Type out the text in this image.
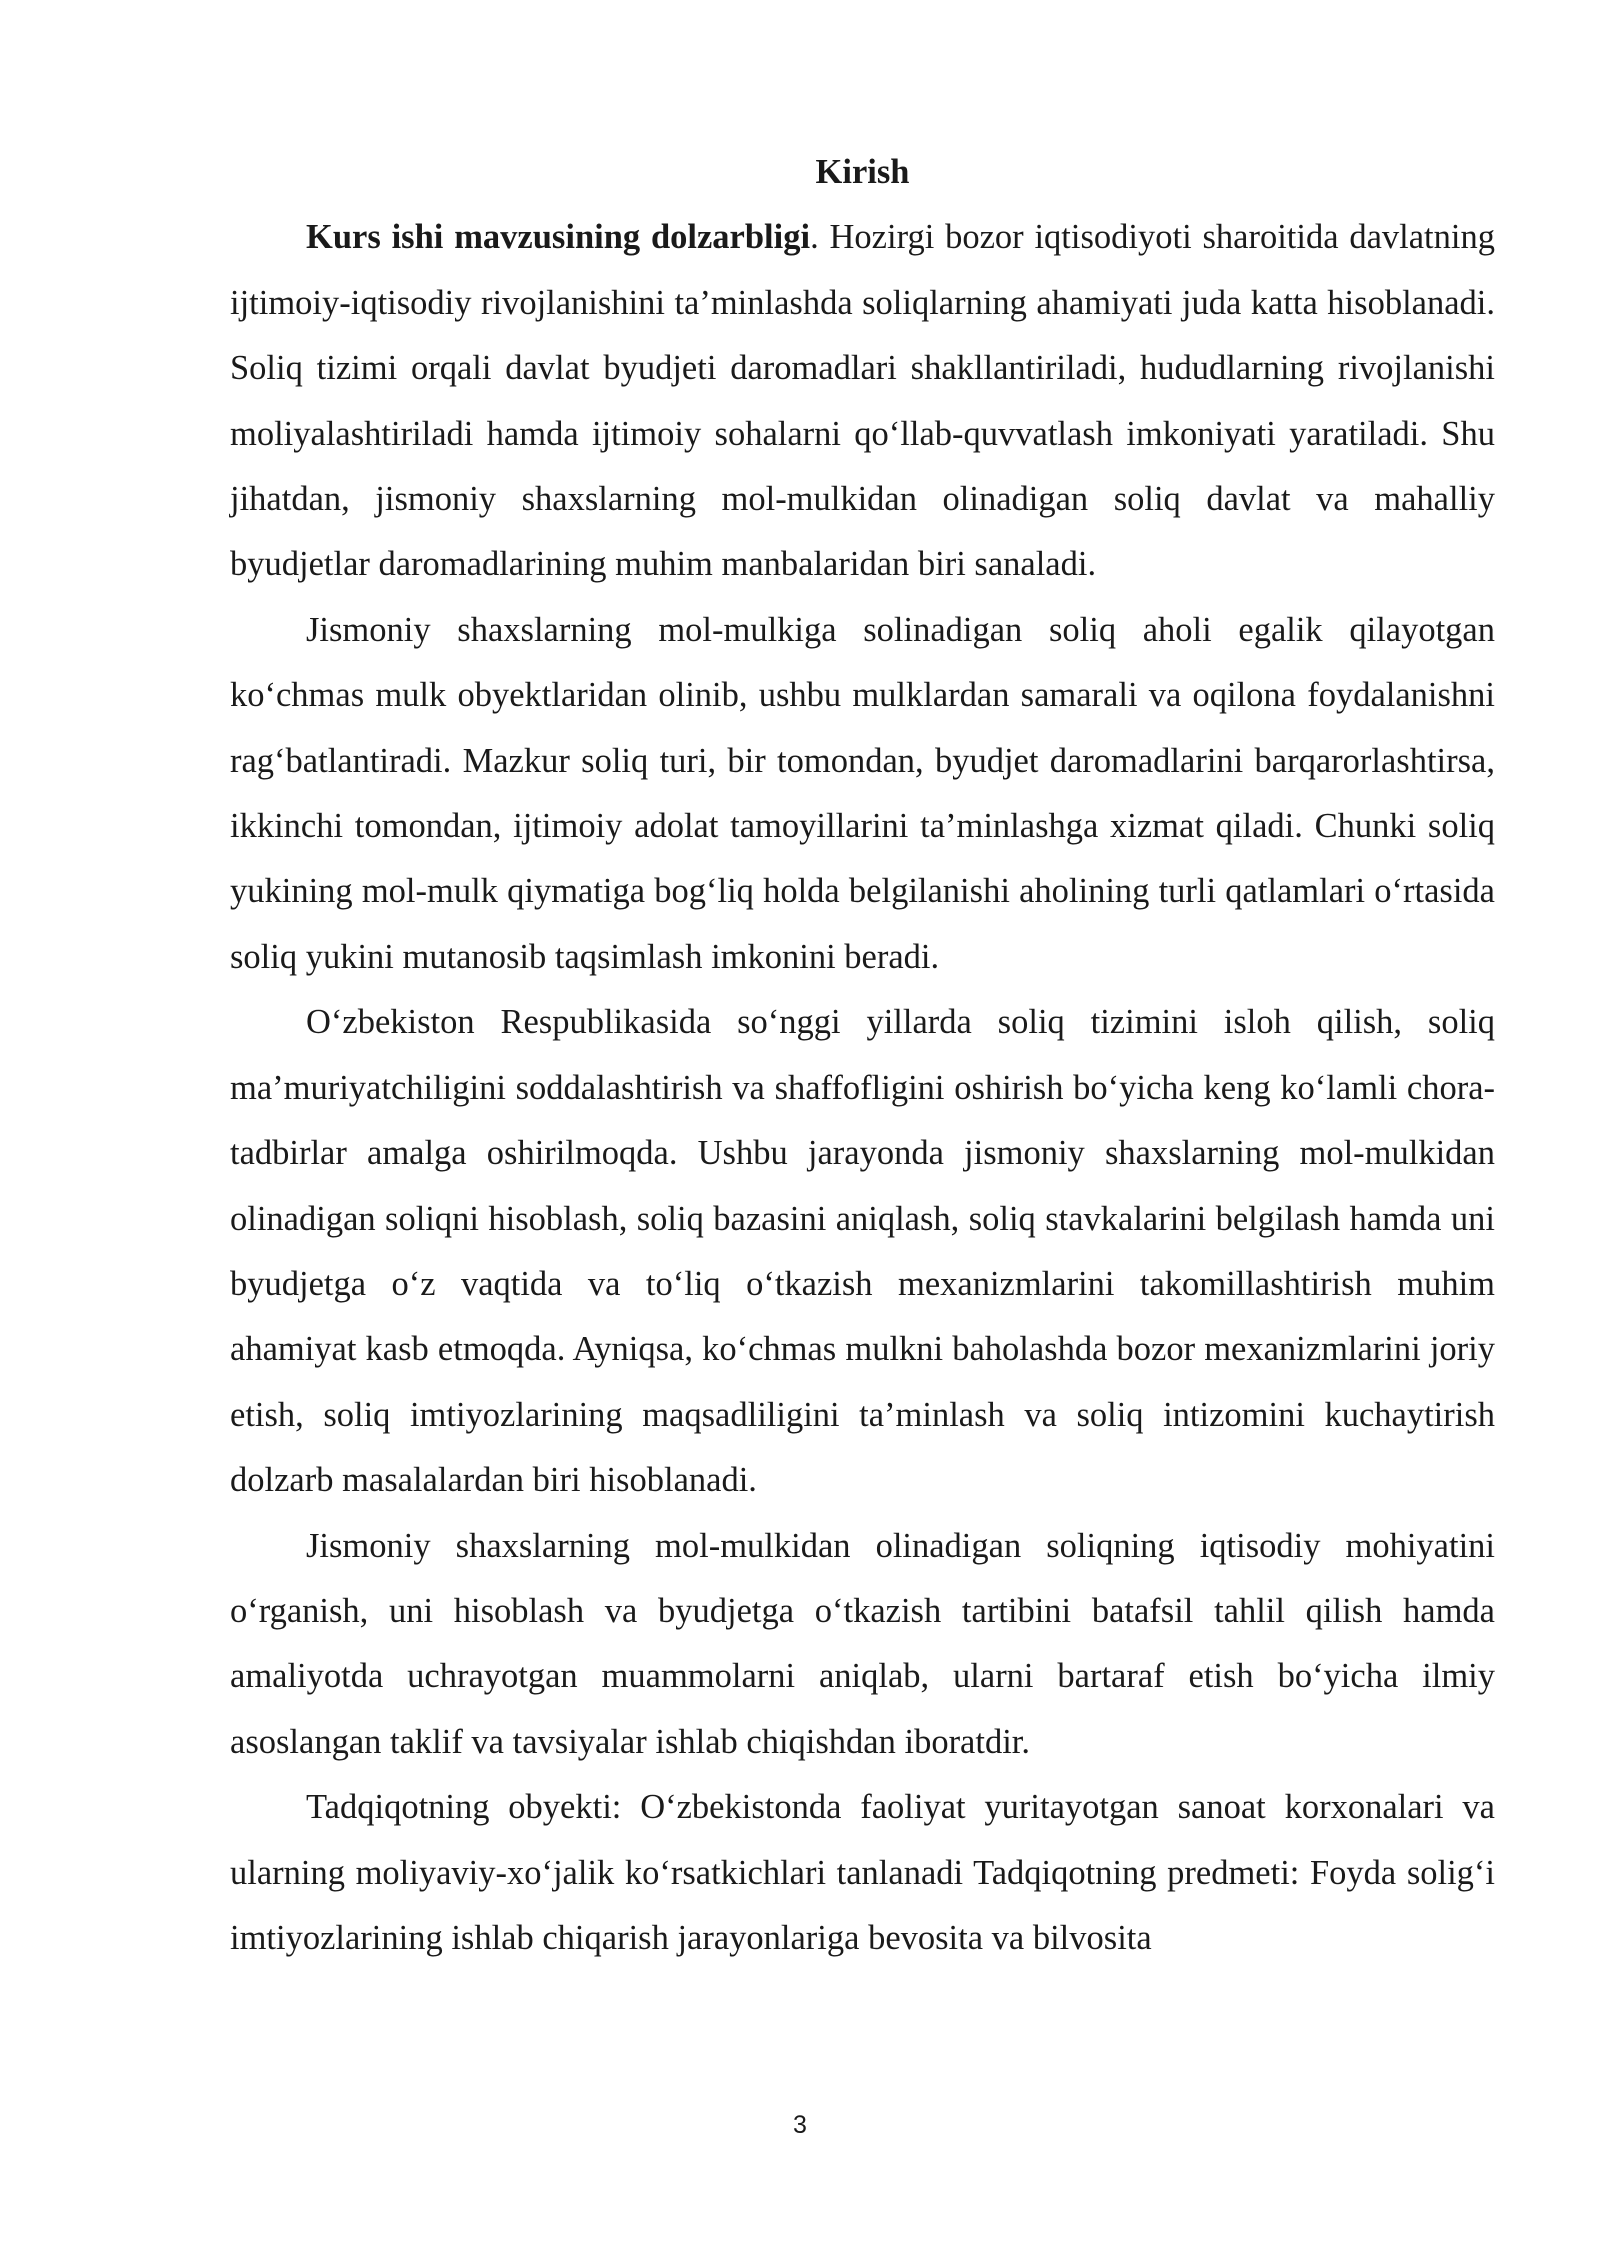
Kirish

Kurs ishi mavzusining dolzarbligi. Hozirgi bozor iqtisodiyoti sharoitida davlatning ijtimoiy-iqtisodiy rivojlanishini ta’minlashda soliqlarning ahamiyati juda katta hisoblanadi. Soliq tizimi orqali davlat byudjeti daromadlari shakllantiriladi, hududlarning rivojlanishi moliyalashtiriladi hamda ijtimoiy sohalarni qo‘llab-quvvatlash imkoniyati yaratiladi. Shu jihatdan, jismoniy shaxslarning mol-mulkidan olinadigan soliq davlat va mahalliy byudjetlar daromadlarining muhim manbalaridan biri sanaladi.

Jismoniy shaxslarning mol-mulkiga solinadigan soliq aholi egalik qilayotgan ko‘chmas mulk obyektlaridan olinib, ushbu mulklardan samarali va oqilona foydalanishni rag‘batlantiradi. Mazkur soliq turi, bir tomondan, byudjet daromadlarini barqarorlashtirsa, ikkinchi tomondan, ijtimoiy adolat tamoyillarini ta’minlashga xizmat qiladi. Chunki soliq yukining mol-mulk qiymatiga bog‘liq holda belgilanishi aholining turli qatlamlari o‘rtasida soliq yukini mutanosib taqsimlash imkonini beradi.

O‘zbekiston Respublikasida so‘nggi yillarda soliq tizimini isloh qilish, soliq ma’muriyatchiligini soddalashtirish va shaffofligini oshirish bo‘yicha keng ko‘lamli chora-tadbirlar amalga oshirilmoqda. Ushbu jarayonda jismoniy shaxslarning mol-mulkidan olinadigan soliqni hisoblash, soliq bazasini aniqlash, soliq stavkalarini belgilash hamda uni byudjetga o‘z vaqtida va to‘liq o‘tkazish mexanizmlarini takomillashtirish muhim ahamiyat kasb etmoqda. Ayniqsa, ko‘chmas mulkni baholashda bozor mexanizmlarini joriy etish, soliq imtiyozlarining maqsadliligini ta’minlash va soliq intizomini kuchaytirish dolzarb masalalardan biri hisoblanadi.

Jismoniy shaxslarning mol-mulkidan olinadigan soliqning iqtisodiy mohiyatini o‘rganish, uni hisoblash va byudjetga o‘tkazish tartibini batafsil tahlil qilish hamda amaliyotda uchrayotgan muammolarni aniqlab, ularni bartaraf etish bo‘yicha ilmiy asoslangan taklif va tavsiyalar ishlab chiqishdan iboratdir.

Tadqiqotning obyekti: O‘zbekistonda faoliyat yuritayotgan sanoat korxonalari va ularning moliyaviy-xo‘jalik ko‘rsatkichlari tanlanadi Tadqiqotning predmeti: Foyda solig‘i imtiyozlarining ishlab chiqarish jarayonlariga bevosita va bilvosita

3
